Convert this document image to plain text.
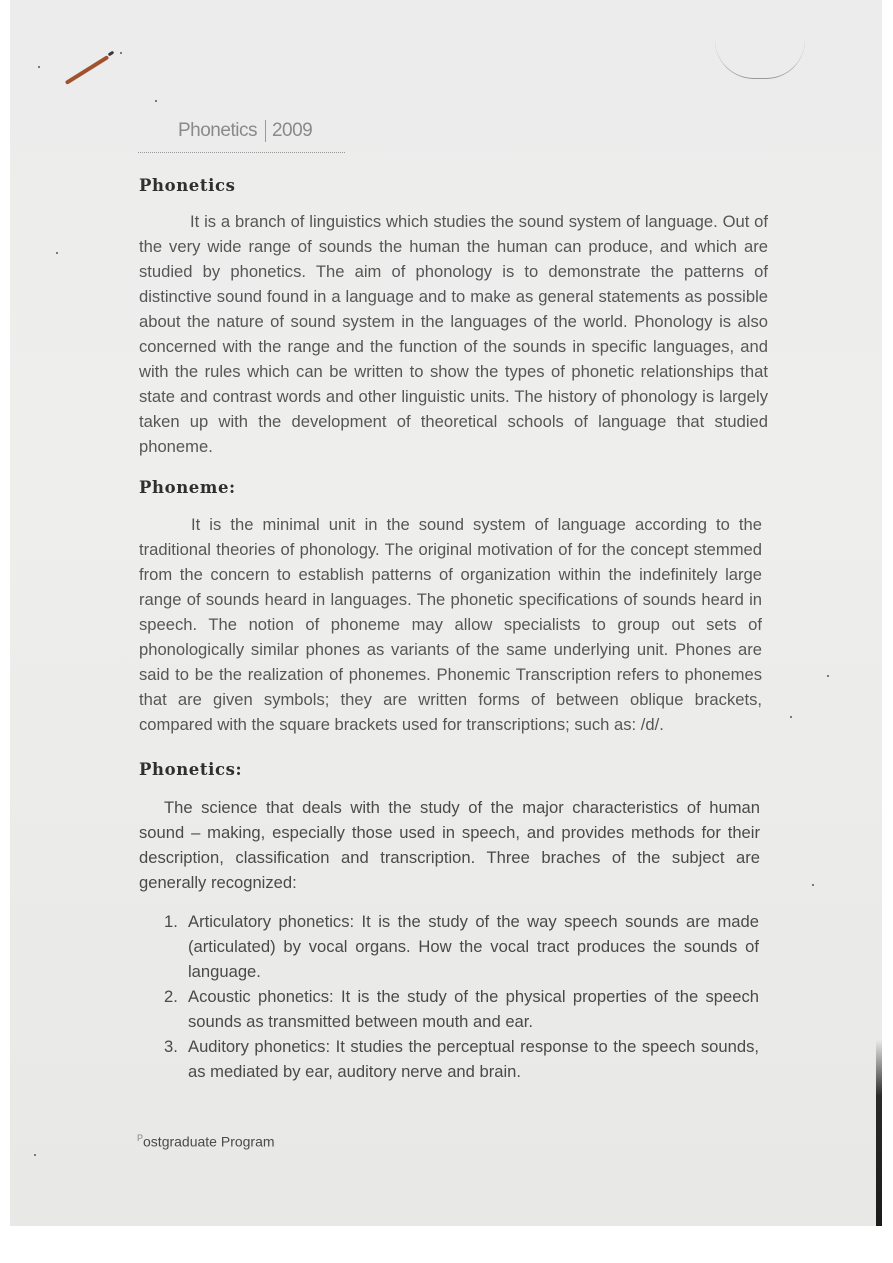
Phonetics 2009
Phonetics

It is a branch of linguistics which studies the sound system of language. Out of the very wide range of sounds the human the human can produce, and which are studied by phonetics. The aim of phonology is to demonstrate the patterns of distinctive sound found in a language and to make as general statements as possible about the nature of sound system in the languages of the world. Phonology is also concerned with the range and the function of the sounds in specific languages, and with the rules which can be written to show the types of phonetic relationships that state and contrast words and other linguistic units. The history of phonology is largely taken up with the development of theoretical schools of language that studied phoneme.

Phoneme:

It is the minimal unit in the sound system of language according to the traditional theories of phonology. The original motivation of for the concept stemmed from the concern to establish patterns of organization within the indefinitely large range of sounds heard in languages. The phonetic specifications of sounds heard in speech. The notion of phoneme may allow specialists to group out sets of phonologically similar phones as variants of the same underlying unit. Phones are said to be the realization of phonemes. Phonemic Transcription refers to phonemes that are given symbols; they are written forms of between oblique brackets, compared with the square brackets used for transcriptions; such as: /d/.

Phonetics:

The science that deals with the study of the major characteristics of human sound – making, especially those used in speech, and provides methods for their description, classification and transcription. Three braches of the subject are generally recognized:

1. Articulatory phonetics: It is the study of the way speech sounds are made (articulated) by vocal organs. How the vocal tract produces the sounds of language.
2. Acoustic phonetics: It is the study of the physical properties of the speech sounds as transmitted between mouth and ear.
3. Auditory phonetics: It studies the perceptual response to the speech sounds, as mediated by ear, auditory nerve and brain.
$^P$ostgraduate Program
